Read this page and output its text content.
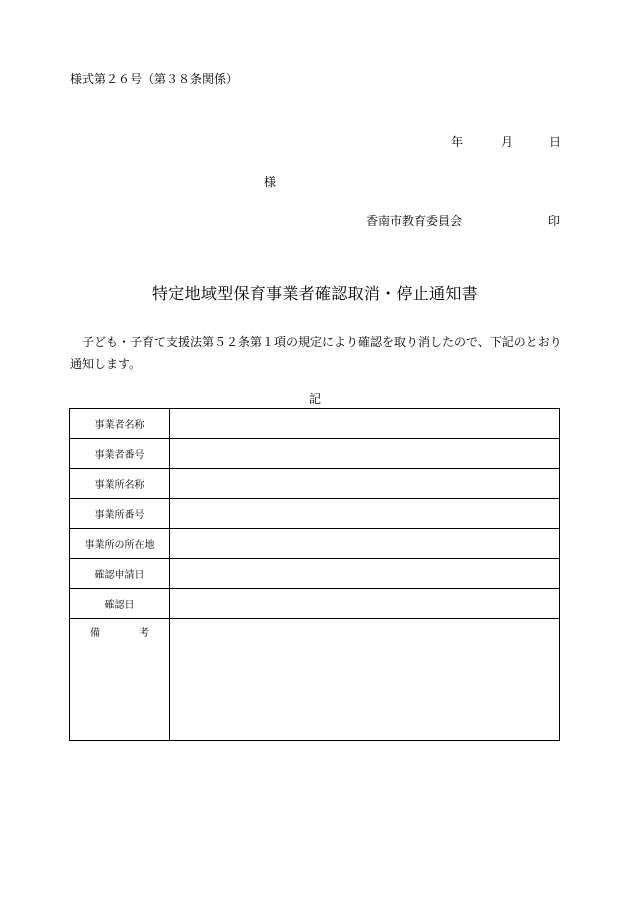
様式第２６号（第３８条関係）
年	月	日
様
香南市教育委員会	印
特定地域型保育事業者確認取消・停止通知書
子ども・子育て支援法第５２条第１項の規定により確認を取り消したので、下記のとおり通知します。
記
事業者名称	
事業者番号	
事業所名称	
事業所番号	
事業所の所在地	
確認申請日	
確認日	

備 考	
